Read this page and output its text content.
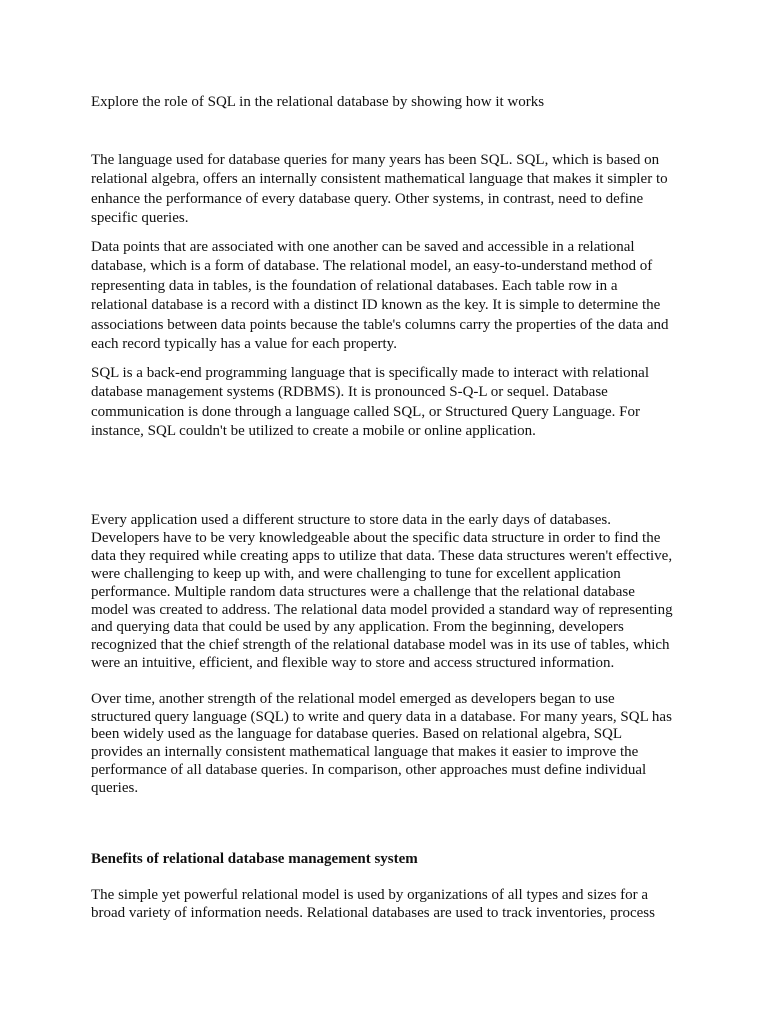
Explore the role of SQL in the relational database by showing how it works
The language used for database queries for many years has been SQL. SQL, which is based on
relational algebra, offers an internally consistent mathematical language that makes it simpler to
enhance the performance of every database query. Other systems, in contrast, need to define
specific queries.
Data points that are associated with one another can be saved and accessible in a relational
database, which is a form of database. The relational model, an easy-to-understand method of
representing data in tables, is the foundation of relational databases. Each table row in a
relational database is a record with a distinct ID known as the key. It is simple to determine the
associations between data points because the table's columns carry the properties of the data and
each record typically has a value for each property.
SQL is a back-end programming language that is specifically made to interact with relational
database management systems (RDBMS). It is pronounced S-Q-L or sequel. Database
communication is done through a language called SQL, or Structured Query Language. For
instance, SQL couldn't be utilized to create a mobile or online application.
Every application used a different structure to store data in the early days of databases.
Developers have to be very knowledgeable about the specific data structure in order to find the
data they required while creating apps to utilize that data. These data structures weren't effective,
were challenging to keep up with, and were challenging to tune for excellent application
performance. Multiple random data structures were a challenge that the relational database
model was created to address. The relational data model provided a standard way of representing
and querying data that could be used by any application. From the beginning, developers
recognized that the chief strength of the relational database model was in its use of tables, which
were an intuitive, efficient, and flexible way to store and access structured information.
Over time, another strength of the relational model emerged as developers began to use
structured query language (SQL) to write and query data in a database. For many years, SQL has
been widely used as the language for database queries. Based on relational algebra, SQL
provides an internally consistent mathematical language that makes it easier to improve the
performance of all database queries. In comparison, other approaches must define individual
queries.
Benefits of relational database management system
The simple yet powerful relational model is used by organizations of all types and sizes for a
broad variety of information needs. Relational databases are used to track inventories, process
